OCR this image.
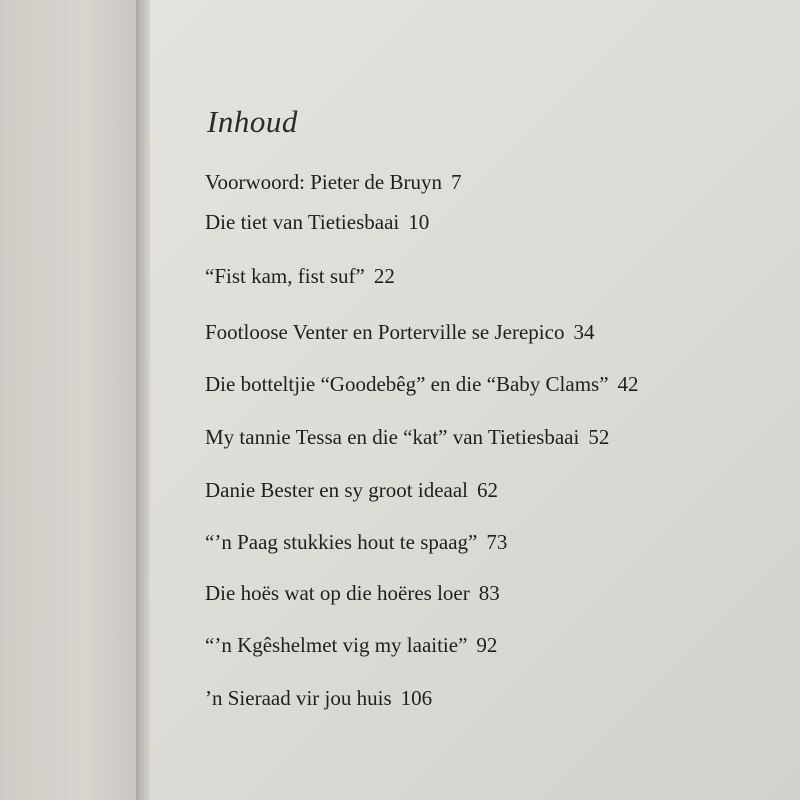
Inhoud
Voorwoord: Pieter de Bruyn 7
Die tiet van Tietiesbaai 10
“Fist kam, fist suf” 22
Footloose Venter en Porterville se Jerepico 34
Die botteltjie “Goodebêg” en die “Baby Clams” 42
My tannie Tessa en die “kat” van Tietiesbaai 52
Danie Bester en sy groot ideaal 62
“’n Paag stukkies hout te spaag” 73
Die hoës wat op die hoëres loer 83
“’n Kgêshelmet vig my laaitie” 92
’n Sieraad vir jou huis 106
